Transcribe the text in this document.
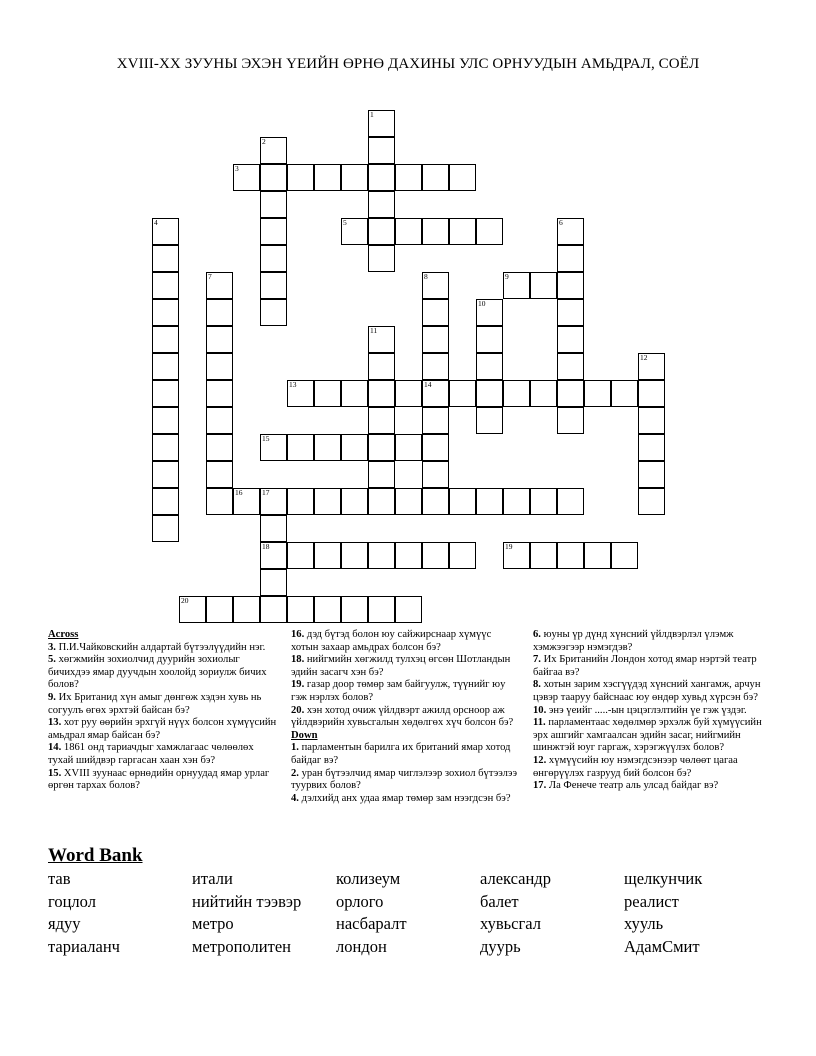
XVIII-XX ЗУУНЫ ЭХЭН ҮЕИЙН ӨРНӨ ДАХИНЫ УЛС ОРНУУДЫН АМЬДРАЛ, СОЁЛ
1
2
3
4	5	6
7	8
14
9
10
11
12
13
15
16	17
18	19
20
Across
3. П.И.Чайковскийн алдартай бүтээлүүдийн нэг.
5. хөгжмийн зохиолчид дуурийн зохиолыг бичихдээ ямар дуучдын хоолойд зориулж бичих болов?
9. Их Британид хүн амыг дөнгөж хэдэн хувь нь согуулъ өгөх эрхтэй байсан бэ?
13. хот руу өөрийн эрхгүй нүүх болсон хүмүүсийн амьдрал ямар байсан бэ?
14. 1861 онд тариачдыг хамжлагаас чөлөөлөх тухай шийдвэр гаргасан хаан хэн бэ?
15. XVIII зуунаас өрнөдийн орнуудад ямар урлаг өргөн тархах болов?
16. дэд бүтэд болон юу сайжирснаар хүмүүс хотын захаар амьдрах болсон бэ?
18. нийгмийн хөгжилд тулхэц өгсөн Шотландын эдийн засагч хэн бэ?
19. газар доор төмөр зам байгуулж, түүнийг юу гэж нэрлэх болов?
20. хэн хотод очиж үйлдвэрт ажилд орсноор аж үйлдвэрийн хувьсгалын хөдөлгөх хүч болсон бэ?
Down
1. парламентын барилга их британий ямар хотод байдаг вэ?
2. уран бүтээлчид ямар чиглэлээр зохиол бүтээлээ туурвих болов?
4. дэлхийд анх удаа ямар төмөр зам нээгдсэн бэ?
6. юуны үр дүнд хүнсний үйлдвэрлэл үлэмж хэмжээгээр нэмэгдэв?
7. Их Британийн Лондон хотод ямар нэртэй театр байгаа вэ?
8. хотын зарим хэсгүүдэд хүнсний хангамж, арчун цэвэр тааруу байснаас юу өндөр хувьд хүрсэн бэ?
10. энэ үеийг .....-ын цэцэглэлтийн үе гэж үздэг.
11. парламентаас хөдөлмөр эрхэлж буй хүмүүсийн эрх ашгийг хамгаалсан эдийн засаг, нийгмийн шинжтэй юуг гаргаж, хэрэгжүүлэх болов?
12. хүмүүсийн юу нэмэгдсэнээр чөлөөт цагаа өнгөрүүлэх газрууд бий болсон бэ?
17. Ла Фенече театр аль улсад байдаг вэ?
Word Bank
тав	итали	колизеум	александр	щелкунчик
гоцлол	нийтийн тээвэр	орлого	балет	реалист
ядуу	метро	насбаралт	хувьсгал	хууль
тариаланч	метрополитен	лондон	дуурь	АдамСмит
